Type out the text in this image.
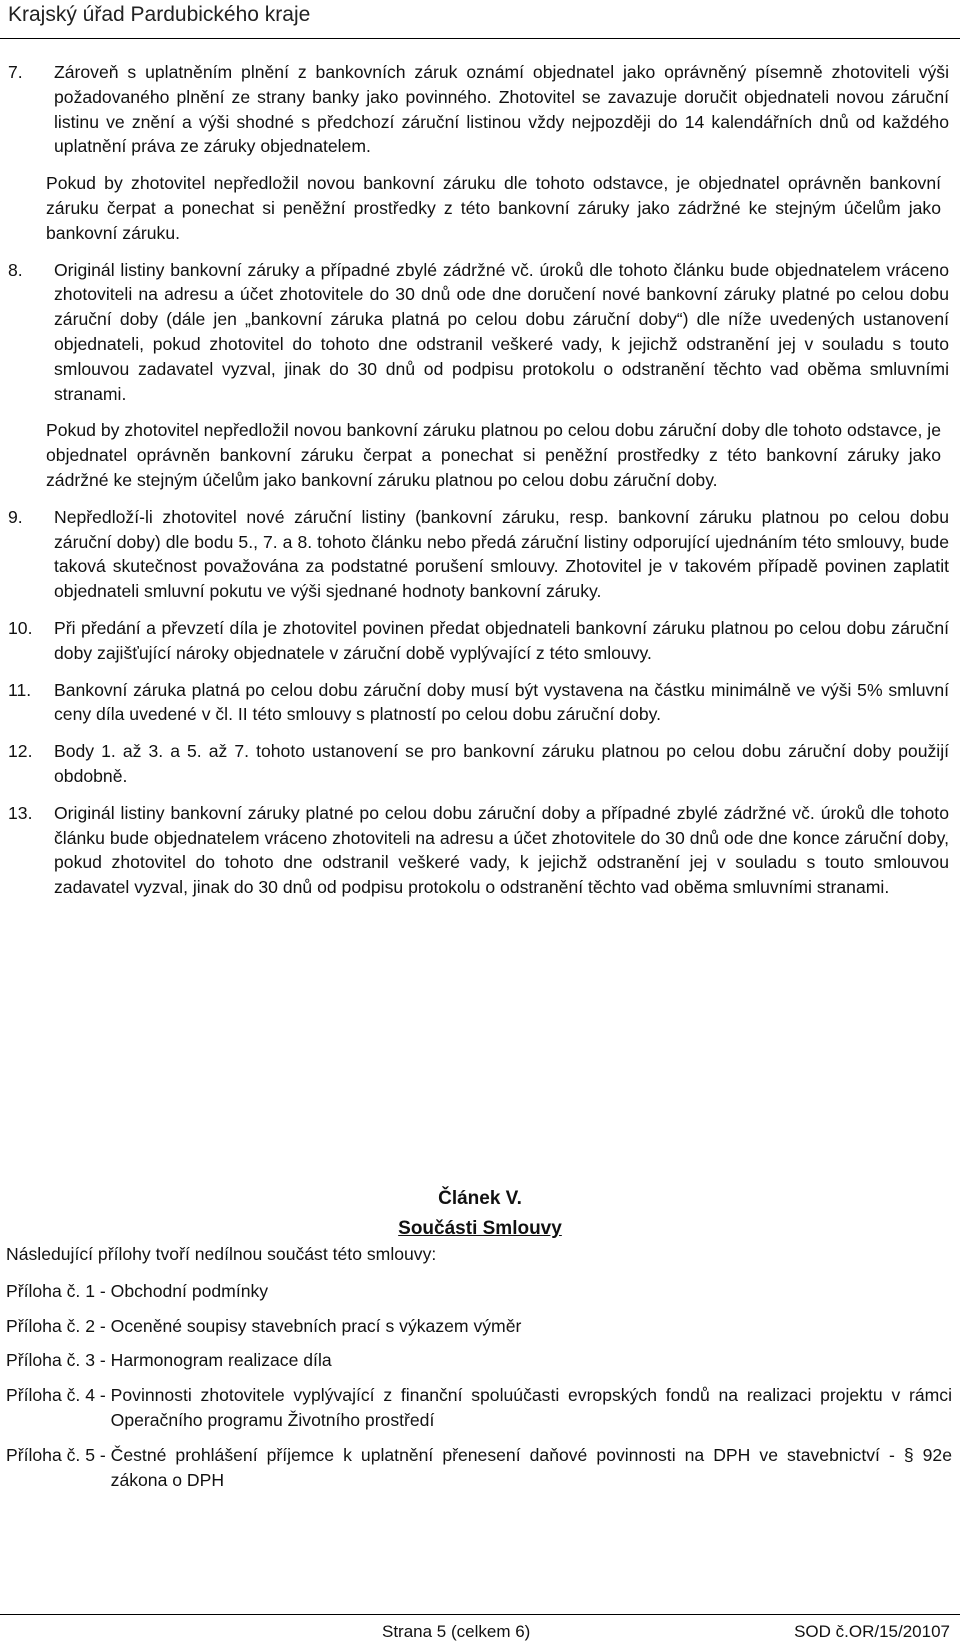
Krajský úřad Pardubického kraje
7.	Zároveň s uplatněním plnění z bankovních záruk oznámí objednatel jako oprávněný písemně zhotoviteli výši požadovaného plnění ze strany banky jako povinného. Zhotovitel se zavazuje doručit objednateli novou záruční listinu ve znění a výši shodné s předchozí záruční listinou vždy nejpozději do 14 kalendářních dnů od každého uplatnění práva ze záruky objednatelem.
Pokud by zhotovitel nepředložil novou bankovní záruku dle tohoto odstavce, je objednatel oprávněn bankovní záruku čerpat a ponechat si peněžní prostředky z této bankovní záruky jako zádržné ke stejným účelům jako bankovní záruku.
8.	Originál listiny bankovní záruky a případné zbylé zádržné vč. úroků dle tohoto článku bude objednatelem vráceno zhotoviteli na adresu a účet zhotovitele do 30 dnů ode dne doručení nové bankovní záruky platné po celou dobu záruční doby (dále jen „bankovní záruka platná po celou dobu záruční doby“) dle níže uvedených ustanovení objednateli, pokud zhotovitel do tohoto dne odstranil veškeré vady, k jejichž odstranění jej v souladu s touto smlouvou zadavatel vyzval, jinak do 30 dnů od podpisu protokolu o odstranění těchto vad oběma smluvními stranami.
Pokud by zhotovitel nepředložil novou bankovní záruku platnou po celou dobu záruční doby dle tohoto odstavce, je objednatel oprávněn bankovní záruku čerpat a ponechat si peněžní prostředky z této bankovní záruky jako zádržné ke stejným účelům jako bankovní záruku platnou po celou dobu záruční doby.
9.	Nepředloží-li zhotovitel nové záruční listiny (bankovní záruku, resp. bankovní záruku platnou po celou dobu záruční doby) dle bodu 5., 7. a 8. tohoto článku nebo předá záruční listiny odporující ujednáním této smlouvy, bude taková skutečnost považována za podstatné porušení smlouvy. Zhotovitel je v takovém případě povinen zaplatit objednateli smluvní pokutu ve výši sjednané hodnoty bankovní záruky.
10.	Při předání a převzetí díla je zhotovitel povinen předat objednateli bankovní záruku platnou po celou dobu záruční doby zajišťující nároky objednatele v záruční době vyplývající z této smlouvy.
11.	Bankovní záruka platná po celou dobu záruční doby musí být vystavena na částku minimálně ve výši 5% smluvní ceny díla uvedené v čl. II této smlouvy s platností po celou dobu záruční doby.
12.	Body 1. až 3. a 5. až 7. tohoto ustanovení se pro bankovní záruku platnou po celou dobu záruční doby použijí obdobně.
13.	Originál listiny bankovní záruky platné po celou dobu záruční doby a případné zbylé zádržné vč. úroků dle tohoto článku bude objednatelem vráceno zhotoviteli na adresu a účet zhotovitele do 30 dnů ode dne konce záruční doby, pokud zhotovitel do tohoto dne odstranil veškeré vady, k jejichž odstranění jej v souladu s touto smlouvou zadavatel vyzval, jinak do 30 dnů od podpisu protokolu o odstranění těchto vad oběma smluvními stranami.
Článek V.
Součásti Smlouvy
Následující přílohy tvoří nedílnou součást této smlouvy:
Příloha č. 1 - Obchodní podmínky
Příloha č. 2 - Oceněné soupisy stavebních prací s výkazem výměr
Příloha č. 3 - Harmonogram realizace díla
Příloha č. 4 - Povinnosti zhotovitele vyplývající z finanční spoluúčasti evropských fondů na realizaci projektu v rámci Operačního programu Životního prostředí
Příloha č. 5 - Čestné prohlášení příjemce k uplatnění přenesení daňové povinnosti na DPH ve stavebnictví - § 92e zákona o DPH
Strana 5 (celkem 6)	SOD č.OR/15/20107
